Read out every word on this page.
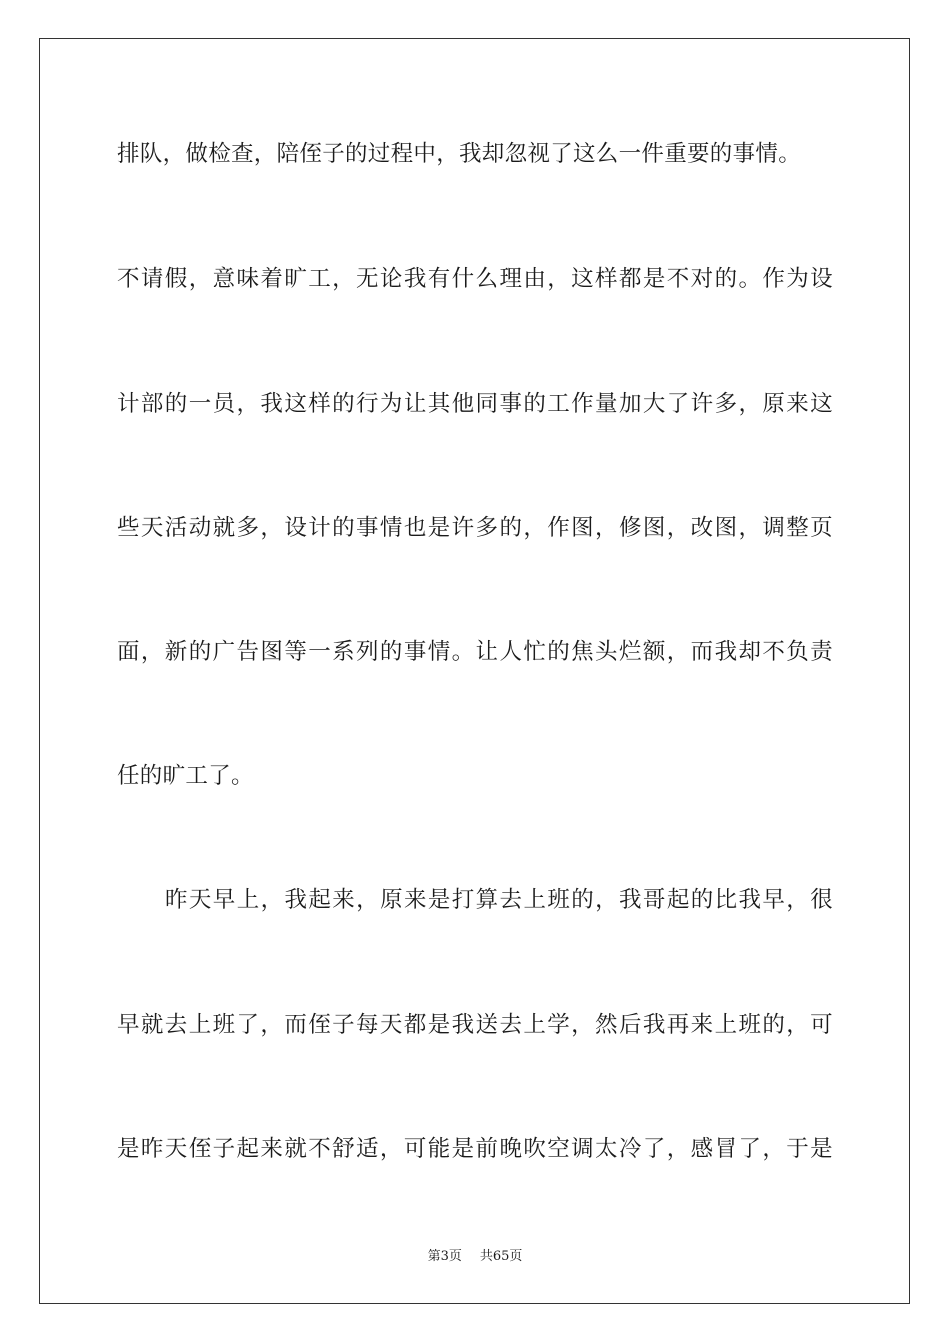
排队，做检查，陪侄子的过程中，我却忽视了这么一件重要的事情。
不请假，意味着旷工，无论我有什么理由，这样都是不对的。作为设
计部的一员，我这样的行为让其他同事的工作量加大了许多，原来这
些天活动就多，设计的事情也是许多的，作图，修图，改图，调整页
面，新的广告图等一系列的事情。让人忙的焦头烂额，而我却不负责
任的旷工了。
昨天早上，我起来，原来是打算去上班的，我哥起的比我早，很
早就去上班了，而侄子每天都是我送去上学，然后我再来上班的，可
是昨天侄子起来就不舒适，可能是前晚吹空调太冷了，感冒了，于是
第3页 共65页
